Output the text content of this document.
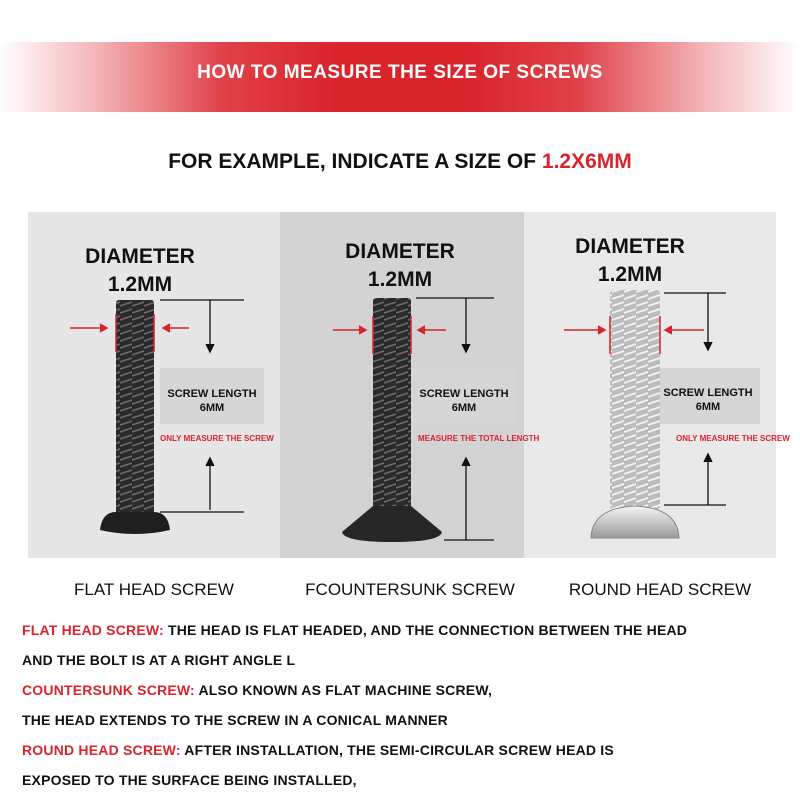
HOW TO MEASURE THE SIZE OF SCREWS
FOR EXAMPLE, INDICATE A SIZE OF 1.2X6MM
DIAMETER
1.2MM
DIAMETER
1.2MM
DIAMETER
1.2MM
SCREW LENGTH
6MM
SCREW LENGTH
6MM
SCREW LENGTH
6MM
ONLY MEASURE THE SCREW	MEASURE THE TOTAL LENGTH	ONLY MEASURE THE SCREW
FLAT HEAD SCREW	FCOUNTERSUNK SCREW	ROUND HEAD SCREW
FLAT HEAD SCREW: THE HEAD IS FLAT HEADED, AND THE CONNECTION BETWEEN THE HEAD
AND THE BOLT IS AT A RIGHT ANGLE L
COUNTERSUNK SCREW: ALSO KNOWN AS FLAT MACHINE SCREW,
THE HEAD EXTENDS TO THE SCREW IN A CONICAL MANNER
ROUND HEAD SCREW: AFTER INSTALLATION, THE SEMI-CIRCULAR SCREW HEAD IS
EXPOSED TO THE SURFACE BEING INSTALLED,
